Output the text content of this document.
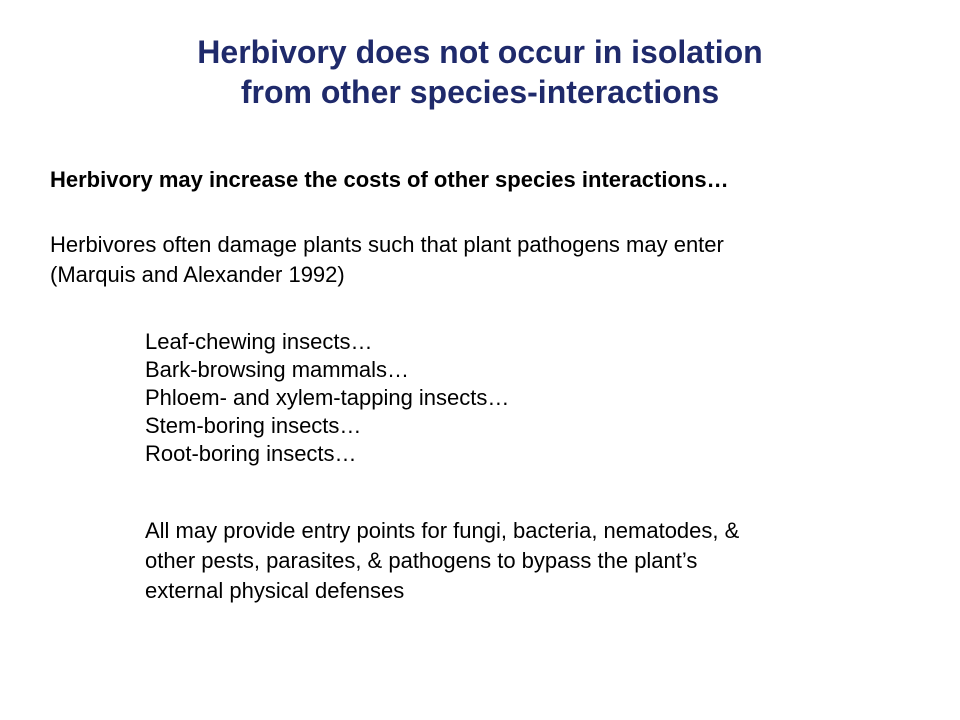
Herbivory does not occur in isolation
from other species-interactions
Herbivory may increase the costs of other species interactions…
Herbivores often damage plants such that plant pathogens may enter
(Marquis and Alexander 1992)
Leaf-chewing insects…
Bark-browsing mammals…
Phloem- and xylem-tapping insects…
Stem-boring insects…
Root-boring insects…
All may provide entry points for fungi, bacteria, nematodes, &
other pests, parasites, & pathogens to bypass the plant’s
external physical defenses
